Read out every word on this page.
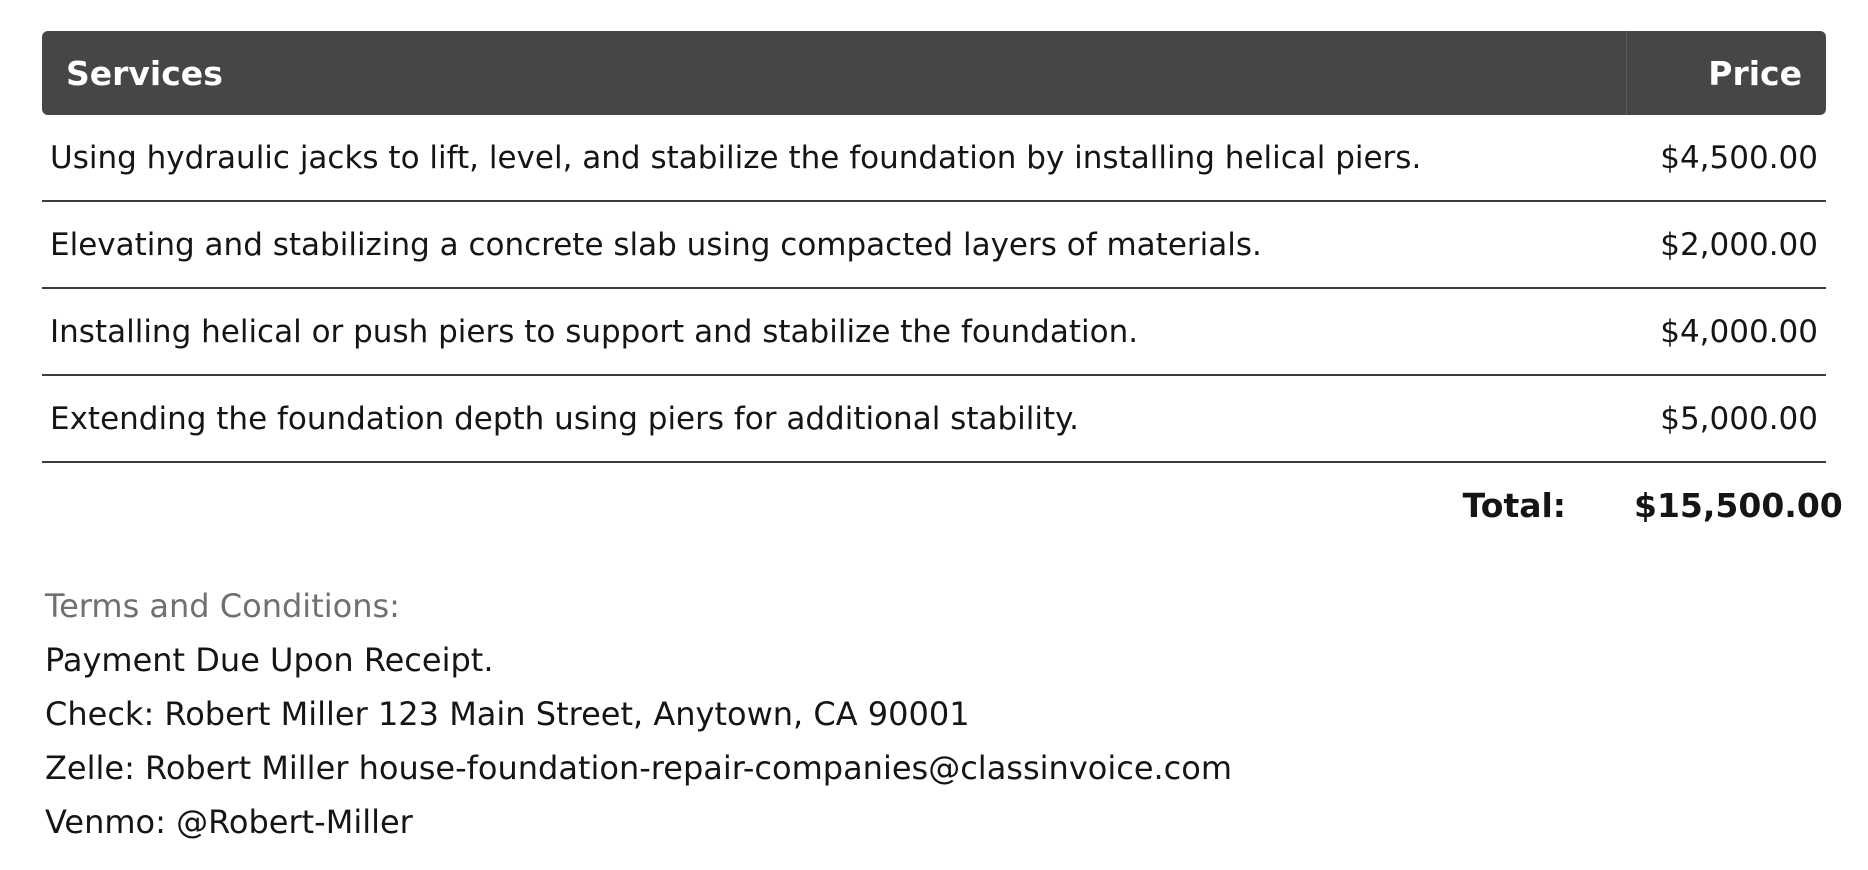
Services	Price
Using hydraulic jacks to lift, level, and stabilize the foundation by installing helical piers.	$4,500.00
Elevating and stabilizing a concrete slab using compacted layers of materials.	$2,000.00
Installing helical or push piers to support and stabilize the foundation.	$4,000.00
Extending the foundation depth using piers for additional stability.	$5,000.00
Total:	$15,500.00
Terms and Conditions:
Payment Due Upon Receipt.
Check: Robert Miller 123 Main Street, Anytown, CA 90001
Zelle: Robert Miller house-foundation-repair-companies@classinvoice.com
Venmo: @Robert-Miller
